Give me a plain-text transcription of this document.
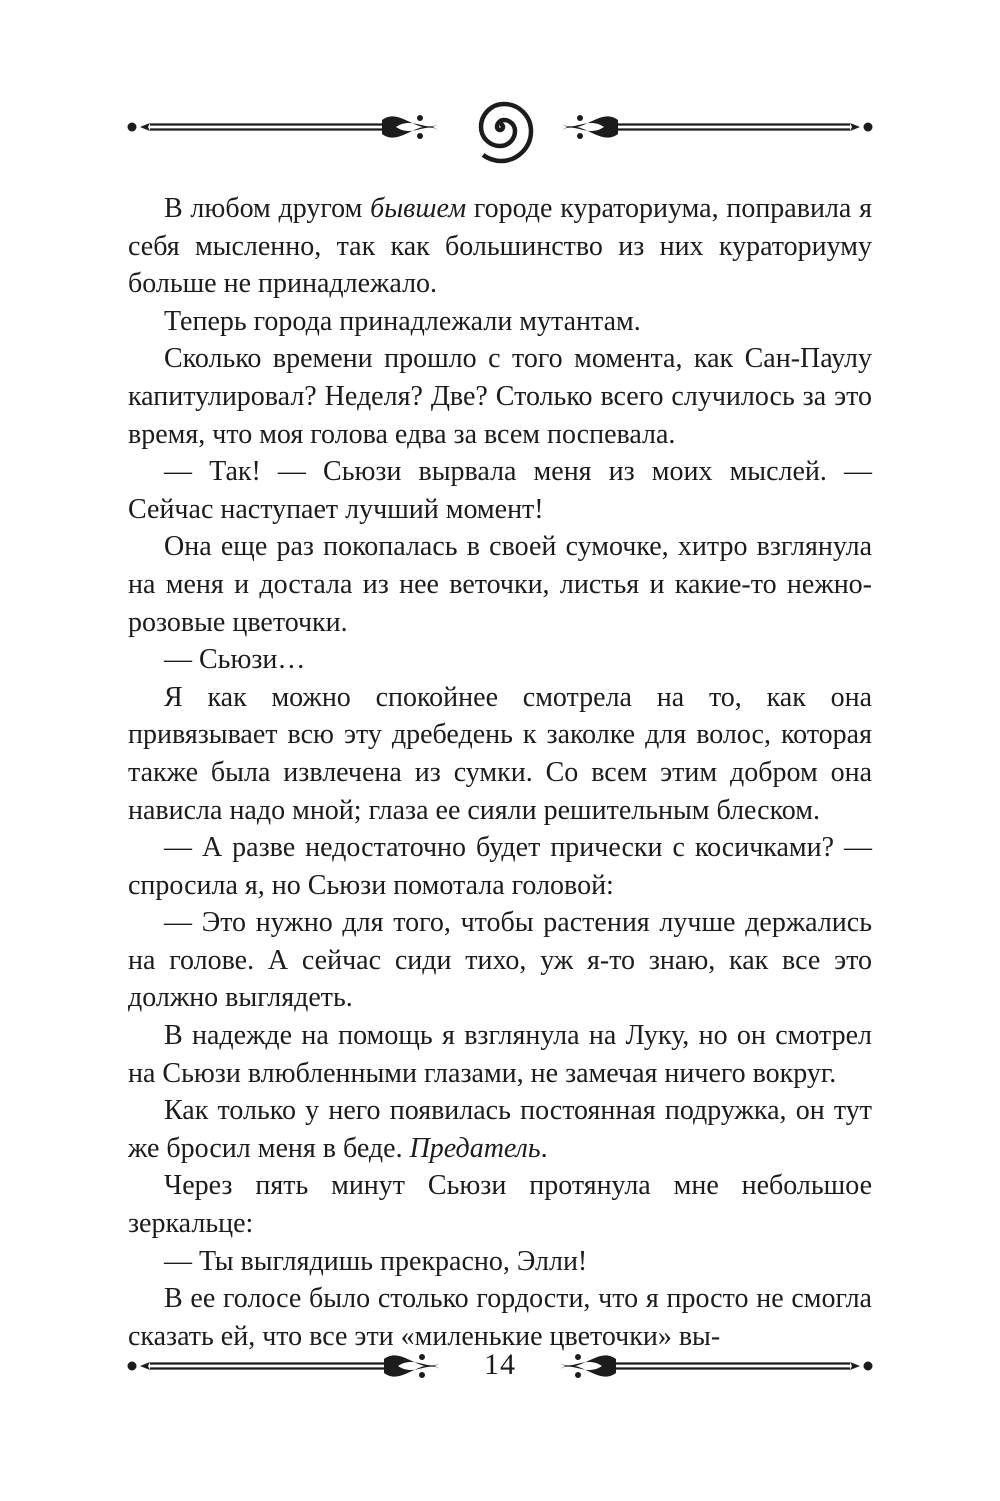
В любом другом бывшем городе кураториума, поправила я себя мысленно, так как большинство из них кураториуму больше не принадлежало.

Теперь города принадлежали мутантам.

Сколько времени прошло с того момента, как Сан-Паулу капитулировал? Неделя? Две? Столько всего случилось за это время, что моя голова едва за всем поспевала.

— Так! — Сьюзи вырвала меня из моих мыслей. — Сейчас наступает лучший момент!

Она еще раз покопалась в своей сумочке, хитро взглянула на меня и достала из нее веточки, листья и какие-то нежно-розовые цветочки.

— Сьюзи…

Я как можно спокойнее смотрела на то, как она привязывает всю эту дребедень к заколке для волос, которая также была извлечена из сумки. Со всем этим добром она нависла надо мной; глаза ее сияли решительным блеском.

— А разве недостаточно будет прически с косичками? — спросила я, но Сьюзи помотала головой:

— Это нужно для того, чтобы растения лучше держались на голове. А сейчас сиди тихо, уж я-то знаю, как все это должно выглядеть.

В надежде на помощь я взглянула на Луку, но он смотрел на Сьюзи влюбленными глазами, не замечая ничего вокруг.

Как только у него появилась постоянная подружка, он тут же бросил меня в беде. Предатель.

Через пять минут Сьюзи протянула мне небольшое зеркальце:

— Ты выглядишь прекрасно, Элли!

В ее голосе было столько гордости, что я просто не смогла сказать ей, что все эти «миленькие цветочки» вы-

14
